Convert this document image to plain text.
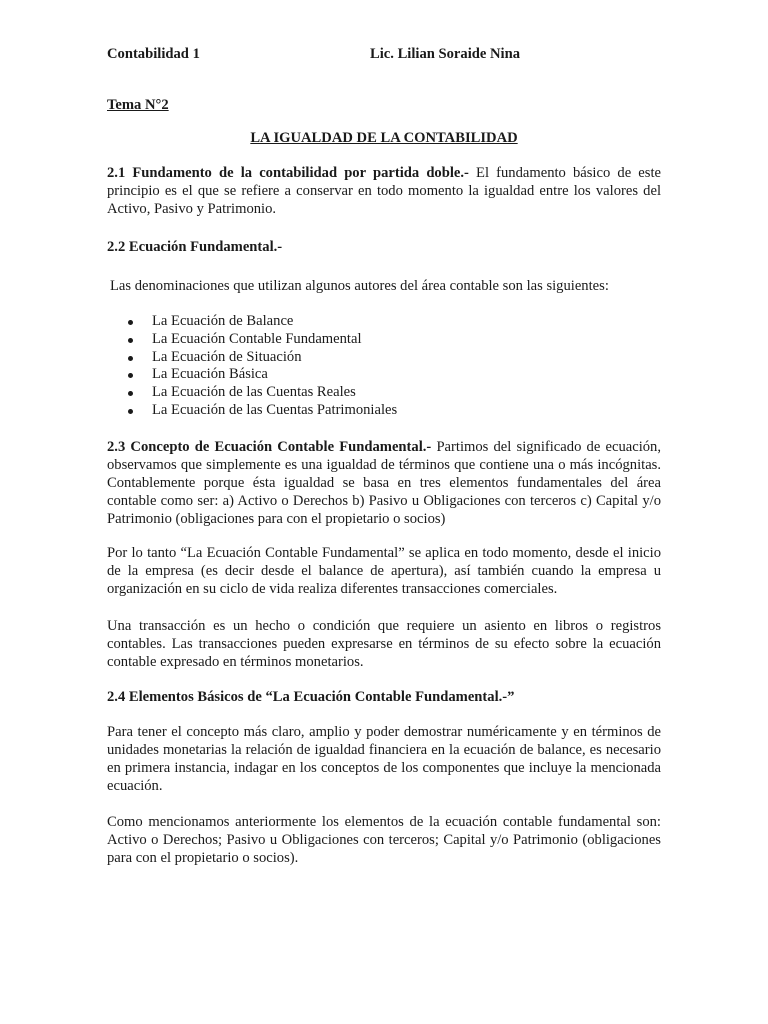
Contabilidad 1	Lic. Lilian Soraide Nina
Tema N°2
LA IGUALDAD DE LA CONTABILIDAD
2.1 Fundamento de la contabilidad por partida doble.- El fundamento básico de este principio es el que se refiere a conservar en todo momento la igualdad entre los valores del Activo, Pasivo y Patrimonio.
2.2 Ecuación Fundamental.-
Las denominaciones que utilizan algunos autores del área contable son las siguientes:
La Ecuación de Balance
La Ecuación Contable Fundamental
La Ecuación de Situación
La Ecuación Básica
La Ecuación de las Cuentas Reales
La Ecuación de las Cuentas Patrimoniales
2.3 Concepto de Ecuación Contable Fundamental.- Partimos del significado de ecuación, observamos que simplemente es una igualdad de términos que contiene una o más incógnitas. Contablemente porque ésta igualdad se basa en tres elementos fundamentales del área contable como ser: a) Activo o Derechos b) Pasivo u Obligaciones con terceros c) Capital y/o Patrimonio (obligaciones para con el propietario o socios)
Por lo tanto “La Ecuación Contable Fundamental” se aplica en todo momento, desde el inicio de la empresa (es decir desde el balance de apertura), así también cuando la empresa u organización en su ciclo de vida realiza diferentes transacciones comerciales.
Una transacción es un hecho o condición que requiere un asiento en libros o registros contables. Las transacciones pueden expresarse en términos de su efecto sobre la ecuación contable expresado en términos monetarios.
2.4 Elementos Básicos de “La Ecuación Contable Fundamental.-”
Para tener el concepto más claro, amplio y poder demostrar numéricamente y en términos de unidades monetarias la relación de igualdad financiera en la ecuación de balance, es necesario en primera instancia, indagar en los conceptos de los componentes que incluye la mencionada ecuación.
Como mencionamos anteriormente los elementos de la ecuación contable fundamental son: Activo o Derechos; Pasivo u Obligaciones con terceros; Capital y/o Patrimonio (obligaciones para con el propietario o socios).
